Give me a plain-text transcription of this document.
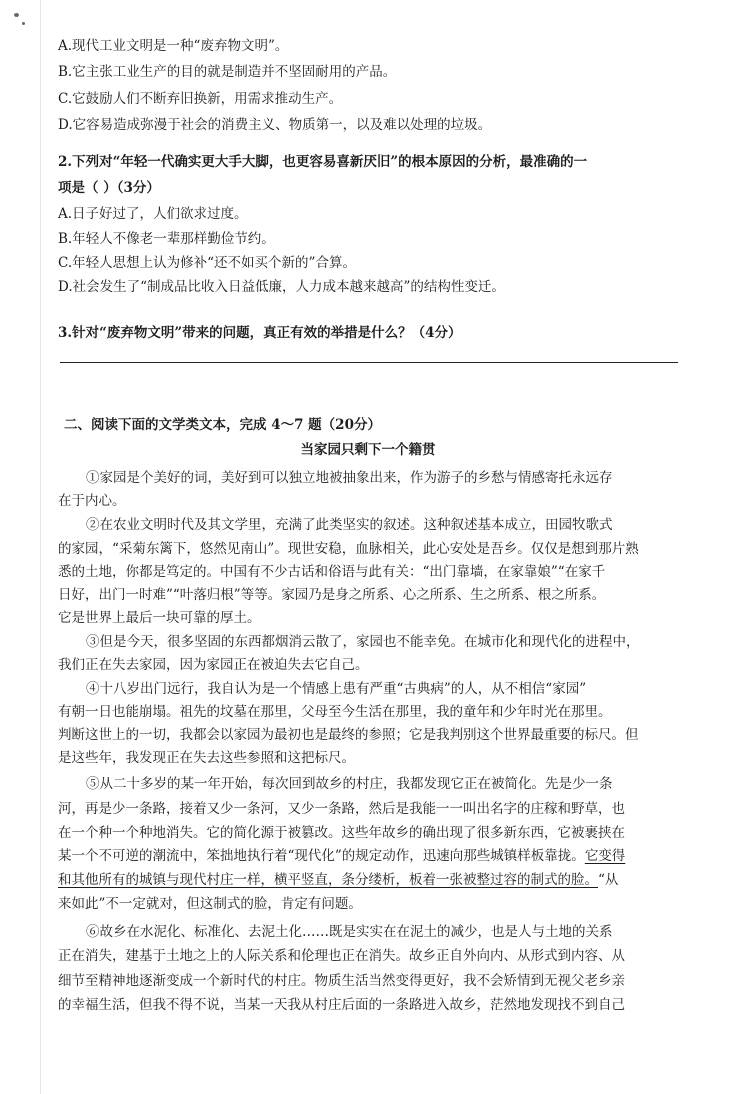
A.现代工业文明是一种“废弃物文明”。
B.它主张工业生产的目的就是制造并不坚固耐用的产品。
C.它鼓励人们不断弃旧换新，用需求推动生产。
D.它容易造成弥漫于社会的消费主义、物质第一，以及难以处理的垃圾。
2.下列对“年轻一代确实更大手大脚，也更容易喜新厌旧”的根本原因的分析，最准确的一
项是（ ）（3分）
A.日子好过了，人们欲求过度。
B.年轻人不像老一辈那样勤俭节约。
C.年轻人思想上认为修补“还不如买个新的”合算。
D.社会发生了“制成品比收入日益低廉，人力成本越来越高”的结构性变迁。
3.针对“废弃物文明”带来的问题，真正有效的举措是什么？（4分）
二、阅读下面的文学类文本，完成 4～7 题（20分）
当家园只剩下一个籍贯
①家园是个美好的词，美好到可以独立地被抽象出来，作为游子的乡愁与情感寄托永远存
在于内心。
②在农业文明时代及其文学里，充满了此类坚实的叙述。这种叙述基本成立，田园牧歌式
的家园，“采菊东篱下，悠然见南山”。现世安稳，血脉相关，此心安处是吾乡。仅仅是想到那片熟
悉的土地，你都是笃定的。中国有不少古话和俗语与此有关：“出门靠墙，在家靠娘”“在家千
日好，出门一时难”“叶落归根”等等。家园乃是身之所系、心之所系、生之所系、根之所系。
它是世界上最后一块可靠的厚土。
③但是今天，很多坚固的东西都烟消云散了，家园也不能幸免。在城市化和现代化的进程中，
我们正在失去家园，因为家园正在被迫失去它自己。
④十八岁出门远行，我自认为是一个情感上患有严重“古典病”的人，从不相信“家园”
有朝一日也能崩塌。祖先的坟墓在那里，父母至今生活在那里，我的童年和少年时光在那里。
判断这世上的一切，我都会以家园为最初也是最终的参照；它是我判别这个世界最重要的标尺。但
是这些年，我发现正在失去这些参照和这把标尺。
⑤从二十多岁的某一年开始，每次回到故乡的村庄，我都发现它正在被简化。先是少一条
河，再是少一条路，接着又少一条河，又少一条路，然后是我能一一叫出名字的庄稼和野草，也
在一个种一个种地消失。它的简化源于被篡改。这些年故乡的确出现了很多新东西，它被裹挟在
某一个不可逆的潮流中，笨拙地执行着“现代化”的规定动作，迅速向那些城镇样板靠拢。它变得
和其他所有的城镇与现代村庄一样，横平竖直，条分缕析，板着一张被整过容的制式的脸。“从
来如此”不一定就对，但这制式的脸，肯定有问题。
⑥故乡在水泥化、标准化、去泥土化……既是实实在在泥土的减少，也是人与土地的关系
正在消失，建基于土地之上的人际关系和伦理也正在消失。故乡正自外向内、从形式到内容、从
细节至精神地逐渐变成一个新时代的村庄。物质生活当然变得更好，我不会矫情到无视父老乡亲
的幸福生活，但我不得不说，当某一天我从村庄后面的一条路进入故乡，茫然地发现找不到自己
